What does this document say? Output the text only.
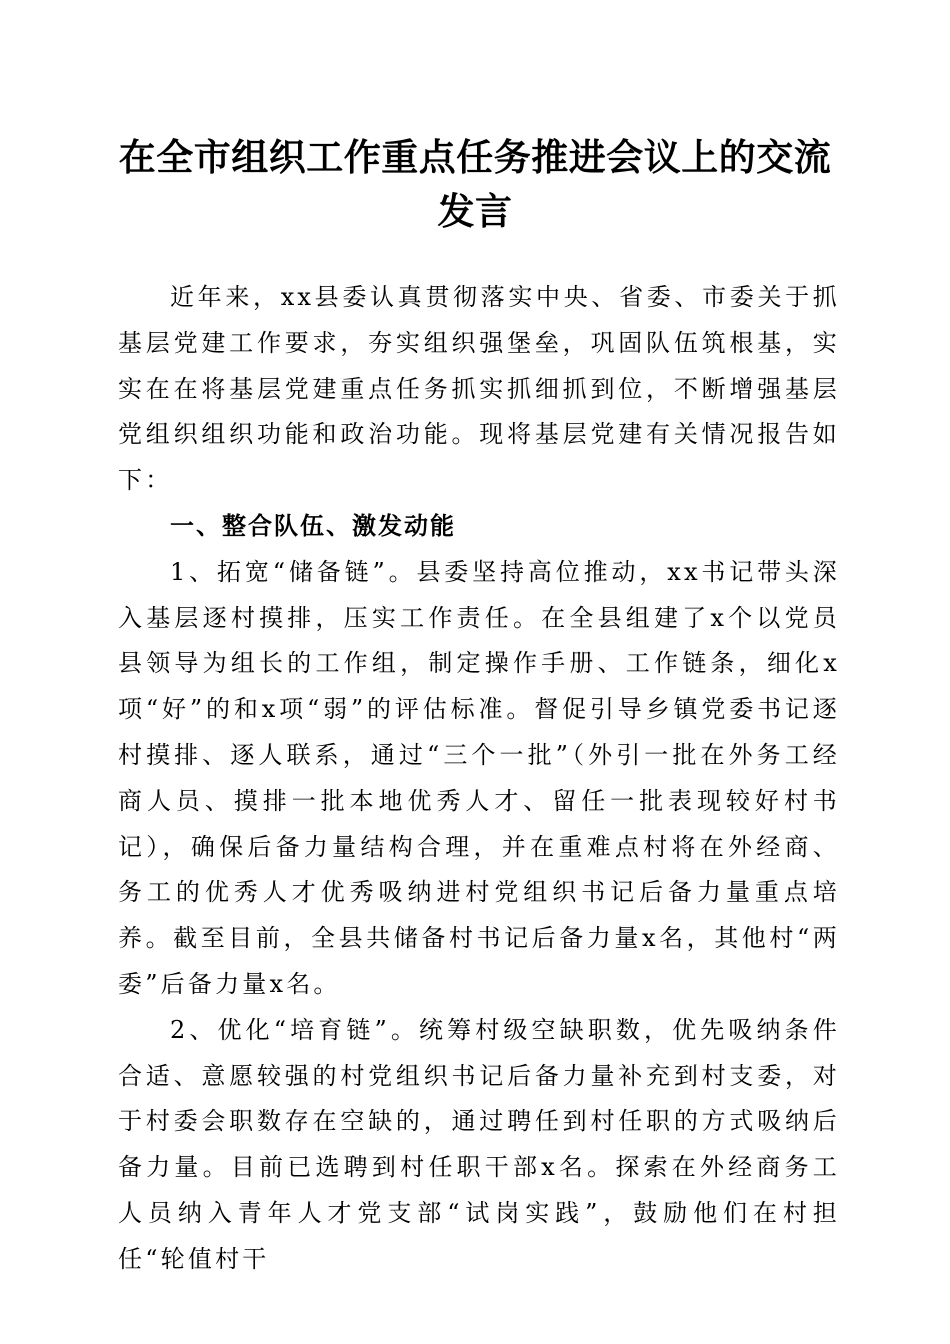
在全市组织工作重点任务推进会议上的交流发言

近年来，xx县委认真贯彻落实中央、省委、市委关于抓基层党建工作要求，夯实组织强堡垒，巩固队伍筑根基，实实在在将基层党建重点任务抓实抓细抓到位，不断增强基层党组织组织功能和政治功能。现将基层党建有关情况报告如下：

一、整合队伍、激发动能

1、拓宽“储备链”。县委坚持高位推动，xx书记带头深入基层逐村摸排，压实工作责任。在全县组建了x个以党员县领导为组长的工作组，制定操作手册、工作链条，细化x项“好”的和x项“弱”的评估标准。督促引导乡镇党委书记逐村摸排、逐人联系，通过“三个一批”（外引一批在外务工经商人员、摸排一批本地优秀人才、留任一批表现较好村书记），确保后备力量结构合理，并在重难点村将在外经商、务工的优秀人才优秀吸纳进村党组织书记后备力量重点培养。截至目前，全县共储备村书记后备力量x名，其他村“两委”后备力量x名。

2、优化“培育链”。统筹村级空缺职数，优先吸纳条件合适、意愿较强的村党组织书记后备力量补充到村支委，对于村委会职数存在空缺的，通过聘任到村任职的方式吸纳后备力量。目前已选聘到村任职干部x名。探索在外经商务工人员纳入青年人才党支部“试岗实践”，鼓励他们在村担任“轮值村干
